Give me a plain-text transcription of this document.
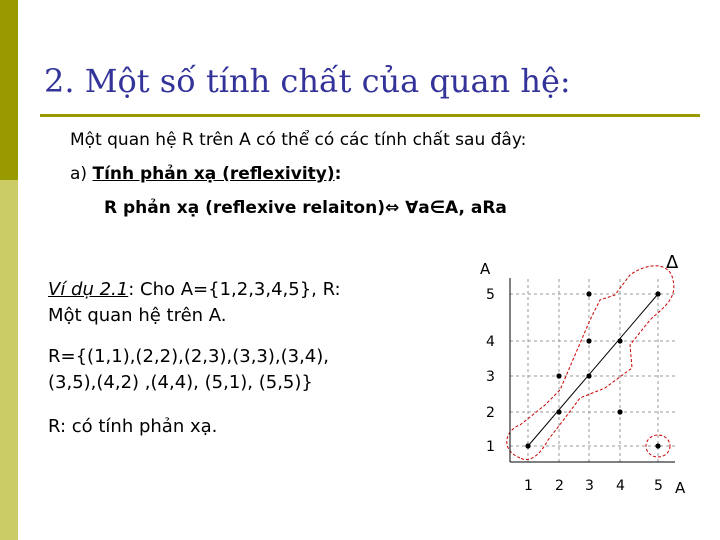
2. Một số tính chất của quan hệ:
Một quan hệ R trên A có thể có các tính chất sau đây:
a) Tính phản xạ (reflexivity):
R phản xạ (reflexive relaiton)⇔ ∀a∈A, aRa
Ví dụ 2.1: Cho A={1,2,3,4,5}, R:
Một quan hệ trên A.
R={(1,1),(2,2),(2,3),(3,3),(3,4),
(3,5),(4,2) ,(4,4), (5,1), (5,5)}
R: có tính phản xạ.
1
2
3
4
5
1 2 3 4 5
A
A
Δ
